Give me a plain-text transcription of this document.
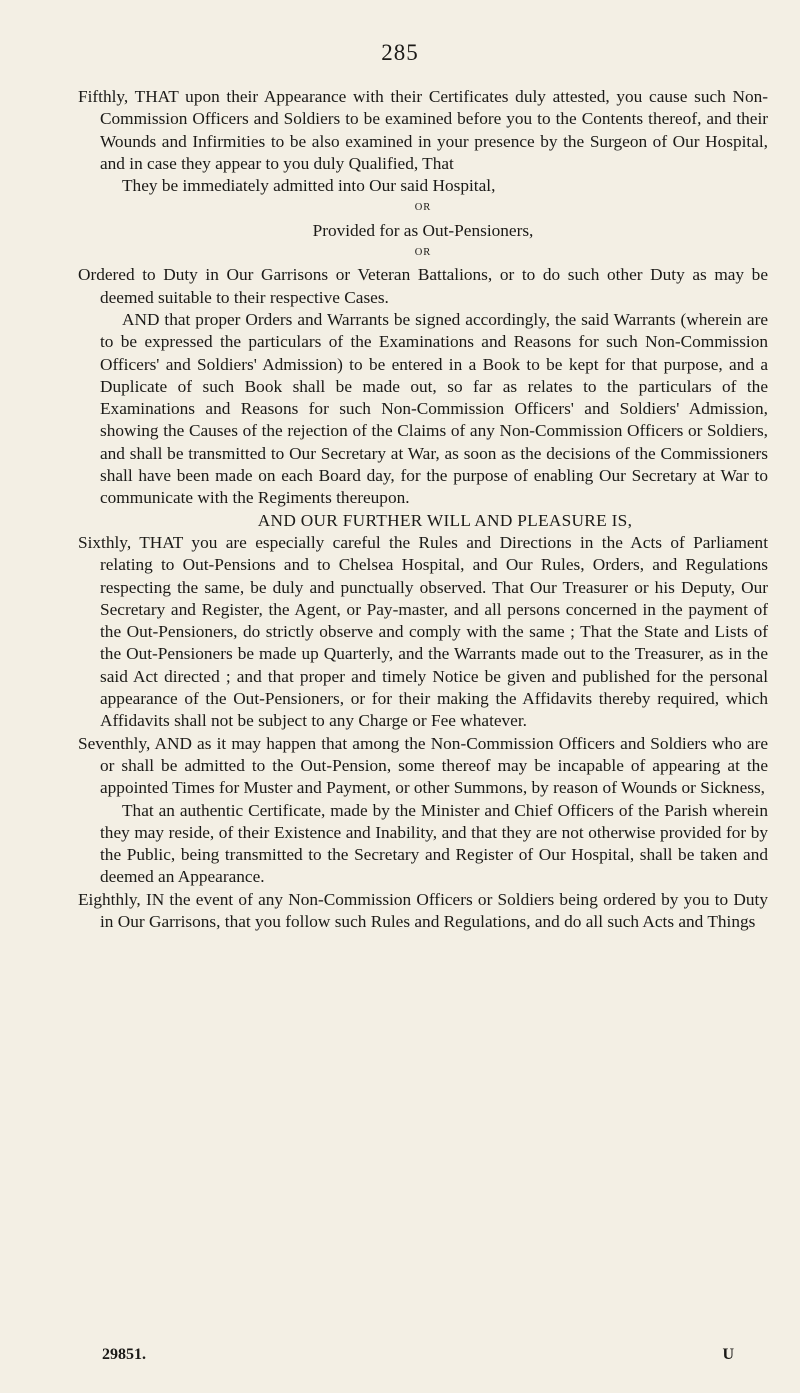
285

Fifthly, THAT upon their Appearance with their Certificates duly attested, you cause such Non-Commission Officers and Soldiers to be examined before you to the Contents thereof, and their Wounds and Infirmities to be also examined in your presence by the Surgeon of Our Hospital, and in case they appear to you duly Qualified, That

They be immediately admitted into Our said Hospital,

OR

Provided for as Out-Pensioners,

OR

Ordered to Duty in Our Garrisons or Veteran Battalions, or to do such other Duty as may be deemed suitable to their respective Cases.

AND that proper Orders and Warrants be signed accordingly, the said Warrants (wherein are to be expressed the particulars of the Examinations and Reasons for such Non-Commission Officers' and Soldiers' Admission) to be entered in a Book to be kept for that purpose, and a Duplicate of such Book shall be made out, so far as relates to the particulars of the Examinations and Reasons for such Non-Commission Officers' and Soldiers' Admission, showing the Causes of the rejection of the Claims of any Non-Commission Officers or Soldiers, and shall be transmitted to Our Secretary at War, as soon as the decisions of the Commissioners shall have been made on each Board day, for the purpose of enabling Our Secretary at War to communicate with the Regiments thereupon.

AND OUR FURTHER WILL AND PLEASURE IS,

Sixthly, THAT you are especially careful the Rules and Directions in the Acts of Parliament relating to Out-Pensions and to Chelsea Hospital, and Our Rules, Orders, and Regulations respecting the same, be duly and punctually observed. That Our Treasurer or his Deputy, Our Secretary and Register, the Agent, or Pay-master, and all persons concerned in the payment of the Out-Pensioners, do strictly observe and comply with the same ; That the State and Lists of the Out-Pensioners be made up Quarterly, and the Warrants made out to the Treasurer, as in the said Act directed ; and that proper and timely Notice be given and published for the personal appearance of the Out-Pensioners, or for their making the Affidavits thereby required, which Affidavits shall not be subject to any Charge or Fee whatever.

Seventhly, AND as it may happen that among the Non-Commission Officers and Soldiers who are or shall be admitted to the Out-Pension, some thereof may be incapable of appearing at the appointed Times for Muster and Payment, or other Summons, by reason of Wounds or Sickness,

That an authentic Certificate, made by the Minister and Chief Officers of the Parish wherein they may reside, of their Existence and Inability, and that they are not otherwise provided for by the Public, being transmitted to the Secretary and Register of Our Hospital, shall be taken and deemed an Appearance.

Eighthly, IN the event of any Non-Commission Officers or Soldiers being ordered by you to Duty in Our Garrisons, that you follow such Rules and Regulations, and do all such Acts and Things

29851.	U
